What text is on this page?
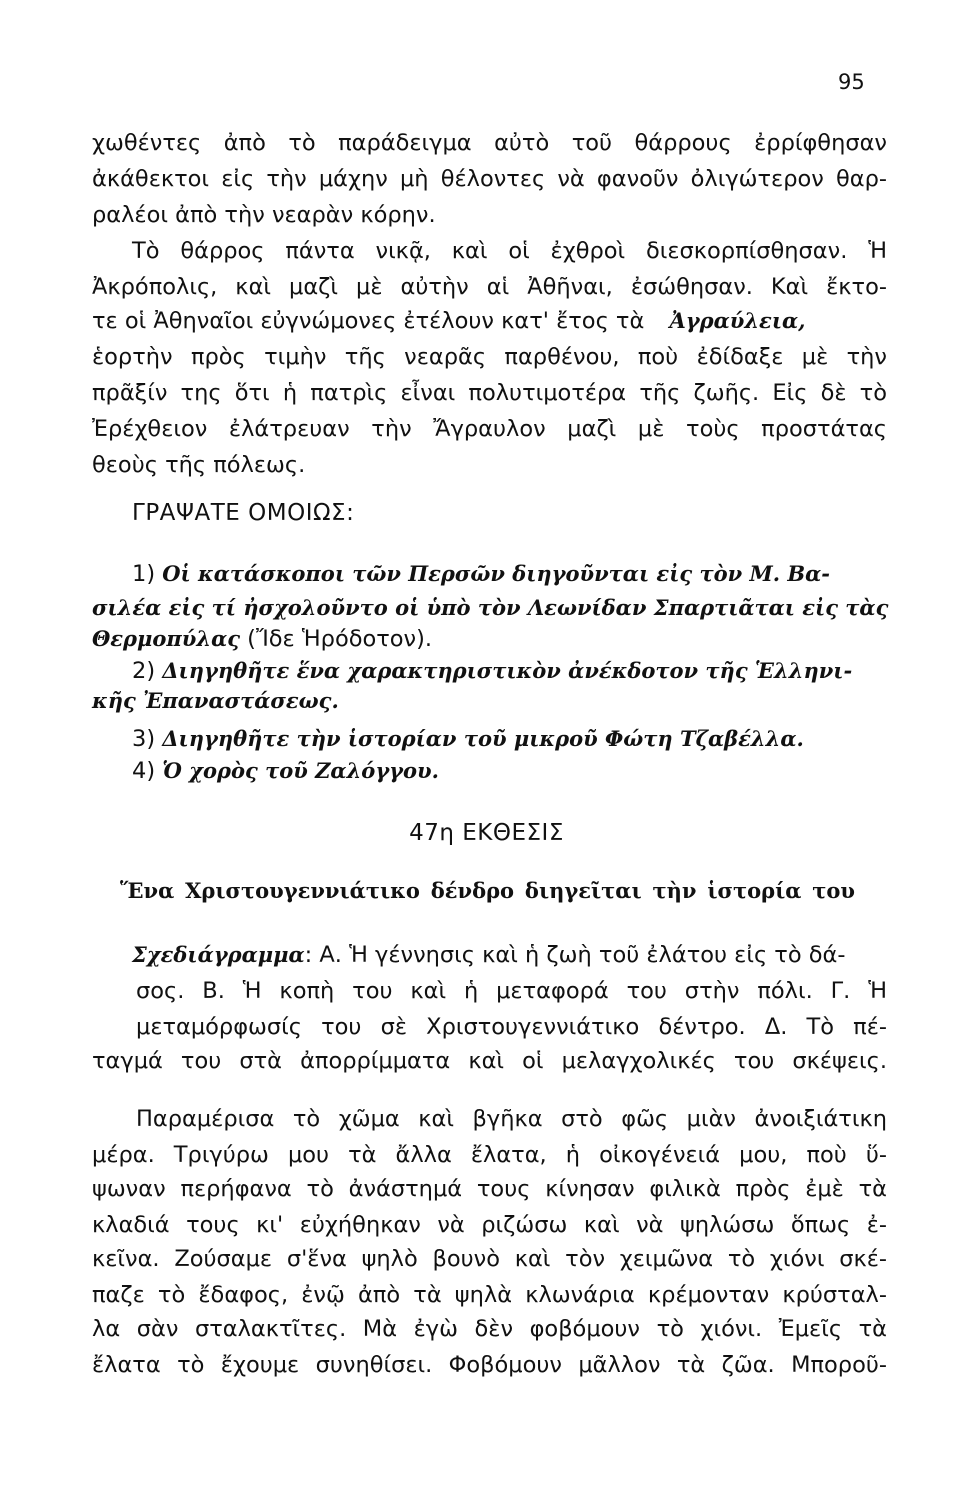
95
χωθέντες ἀπὸ τὸ παράδειγμα αὐτὸ τοῦ θάρρους ἐρρίφθησαν
ἀκάθεκτοι εἰς τὴν μάχην μὴ θέλοντες νὰ φανοῦν ὀλιγώτερον θαρ-
ραλέοι ἀπὸ τὴν νεαρὰν κόρην.
Τὸ θάρρος πάντα νικᾷ, καὶ οἱ ἐχθροὶ διεσκορπίσθησαν. Ἡ
Ἀκρόπολις, καὶ μαζὶ μὲ αὐτὴν αἱ Ἀθῆναι, ἐσώθησαν. Καὶ ἔκτο-
τε οἱ Ἀθηναῖοι εὐγνώμονες ἐτέλουν κατ' ἔτος τὰ Ἀγραύλεια,
ἑορτὴν πρὸς τιμὴν τῆς νεαρᾶς παρθένου, ποὺ ἐδίδαξε μὲ τὴν
πρᾶξίν της ὅτι ἡ πατρὶς εἶναι πολυτιμοτέρα τῆς ζωῆς. Εἰς δὲ τὸ
Ἐρέχθειον ἐλάτρευαν τὴν Ἄγραυλον μαζὶ μὲ τοὺς προστάτας
θεοὺς τῆς πόλεως.
ΓΡΑΨΑΤΕ ΟΜΟΙΩΣ:
1) Οἱ κατάσκοποι τῶν Περσῶν διηγοῦνται εἰς τὸν Μ. Βα-
σιλέα εἰς τί ἠσχολοῦντο οἱ ὑπὸ τὸν Λεωνίδαν Σπαρτιᾶται εἰς τὰς
Θερμοπύλας (Ἴδε Ἡρόδοτον).
2) Διηγηθῆτε ἕνα χαρακτηριστικὸν ἀνέκδοτον τῆς Ἑλληνι-
κῆς Ἐπαναστάσεως.
3) Διηγηθῆτε τὴν ἱστορίαν τοῦ μικροῦ Φώτη Τζαβέλλα.
4) Ὁ χορὸς τοῦ Ζαλόγγου.
47η ΕΚΘΕΣΙΣ
Ἕνα Χριστουγεννιάτικο δένδρο διηγεῖται τὴν ἱστορία του
Σχεδιάγραμμα: Α. Ἡ γέννησις καὶ ἡ ζωὴ τοῦ ἐλάτου εἰς τὸ δά-
σος. Β. Ἡ κοπὴ του καὶ ἡ μεταφορά του στὴν πόλι. Γ. Ἡ
μεταμόρφωσίς του σὲ Χριστουγεννιάτικο δέντρο. Δ. Τὸ πέ-
ταγμά του στὰ ἀπορρίμματα καὶ οἱ μελαγχολικές του σκέψεις.
Παραμέρισα τὸ χῶμα καὶ βγῆκα στὸ φῶς μιὰν ἀνοιξιάτικη
μέρα. Τριγύρω μου τὰ ἄλλα ἔλατα, ἡ οἰκογένειά μου, ποὺ ὕ-
ψωναν περήφανα τὸ ἀνάστημά τους κίνησαν φιλικὰ πρὸς ἐμὲ τὰ
κλαδιά τους κι' εὐχήθηκαν νὰ ριζώσω καὶ νὰ ψηλώσω ὅπως ἐ-
κεῖνα. Ζούσαμε σ'ἕνα ψηλὸ βουνὸ καὶ τὸν χειμῶνα τὸ χιόνι σκέ-
παζε τὸ ἔδαφος, ἐνῷ ἀπὸ τὰ ψηλὰ κλωνάρια κρέμονταν κρύσταλ-
λα σὰν σταλακτῖτες. Μὰ ἐγὼ δὲν φοβόμουν τὸ χιόνι. Ἐμεῖς τὰ
ἔλατα τὸ ἔχουμε συνηθίσει. Φοβόμουν μᾶλλον τὰ ζῶα. Μποροῦ-
